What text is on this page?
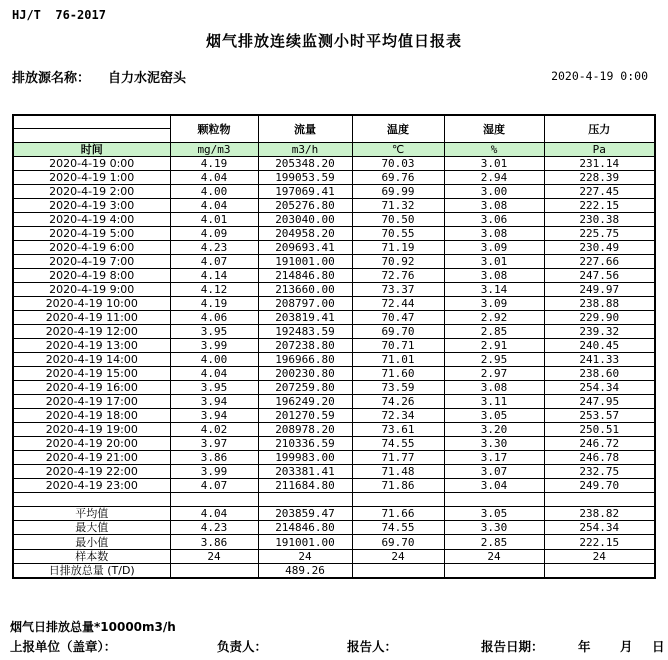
HJ/T  76-2017
烟气排放连续监测小时平均值日报表
排放源名称： 自力水泥窑头	2020-4-19 0:00
	颗粒物	流量	温度	湿度	压力

时间	mg/m3	m3/h	℃	%	Pa
2020-4-19 0:00	4.19	205348.20	70.03	3.01	231.14
2020-4-19 1:00	4.04	199053.59	69.76	2.94	228.39
2020-4-19 2:00	4.00	197069.41	69.99	3.00	227.45
2020-4-19 3:00	4.04	205276.80	71.32	3.08	222.15
2020-4-19 4:00	4.01	203040.00	70.50	3.06	230.38
2020-4-19 5:00	4.09	204958.20	70.55	3.08	225.75
2020-4-19 6:00	4.23	209693.41	71.19	3.09	230.49
2020-4-19 7:00	4.07	191001.00	70.92	3.01	227.66
2020-4-19 8:00	4.14	214846.80	72.76	3.08	247.56
2020-4-19 9:00	4.12	213660.00	73.37	3.14	249.97
2020-4-19 10:00	4.19	208797.00	72.44	3.09	238.88
2020-4-19 11:00	4.06	203819.41	70.47	2.92	229.90
2020-4-19 12:00	3.95	192483.59	69.70	2.85	239.32
2020-4-19 13:00	3.99	207238.80	70.71	2.91	240.45
2020-4-19 14:00	4.00	196966.80	71.01	2.95	241.33
2020-4-19 15:00	4.04	200230.80	71.60	2.97	238.60
2020-4-19 16:00	3.95	207259.80	73.59	3.08	254.34
2020-4-19 17:00	3.94	196249.20	74.26	3.11	247.95
2020-4-19 18:00	3.94	201270.59	72.34	3.05	253.57
2020-4-19 19:00	4.02	208978.20	73.61	3.20	250.51
2020-4-19 20:00	3.97	210336.59	74.55	3.30	246.72
2020-4-19 21:00	3.86	199983.00	71.77	3.17	246.78
2020-4-19 22:00	3.99	203381.41	71.48	3.07	232.75
2020-4-19 23:00	4.07	211684.80	71.86	3.04	249.70

平均值	4.04	203859.47	71.66	3.05	238.82
最大值	4.23	214846.80	74.55	3.30	254.34
最小值	3.86	191001.00	69.70	2.85	222.15
样本数	24	24	24	24	24
日排放总量 (T/D)		489.26			
烟气日排放总量*10000m3/h
上报单位（盖章）：	负责人：	报告人：	报告日期：	年 月 日
